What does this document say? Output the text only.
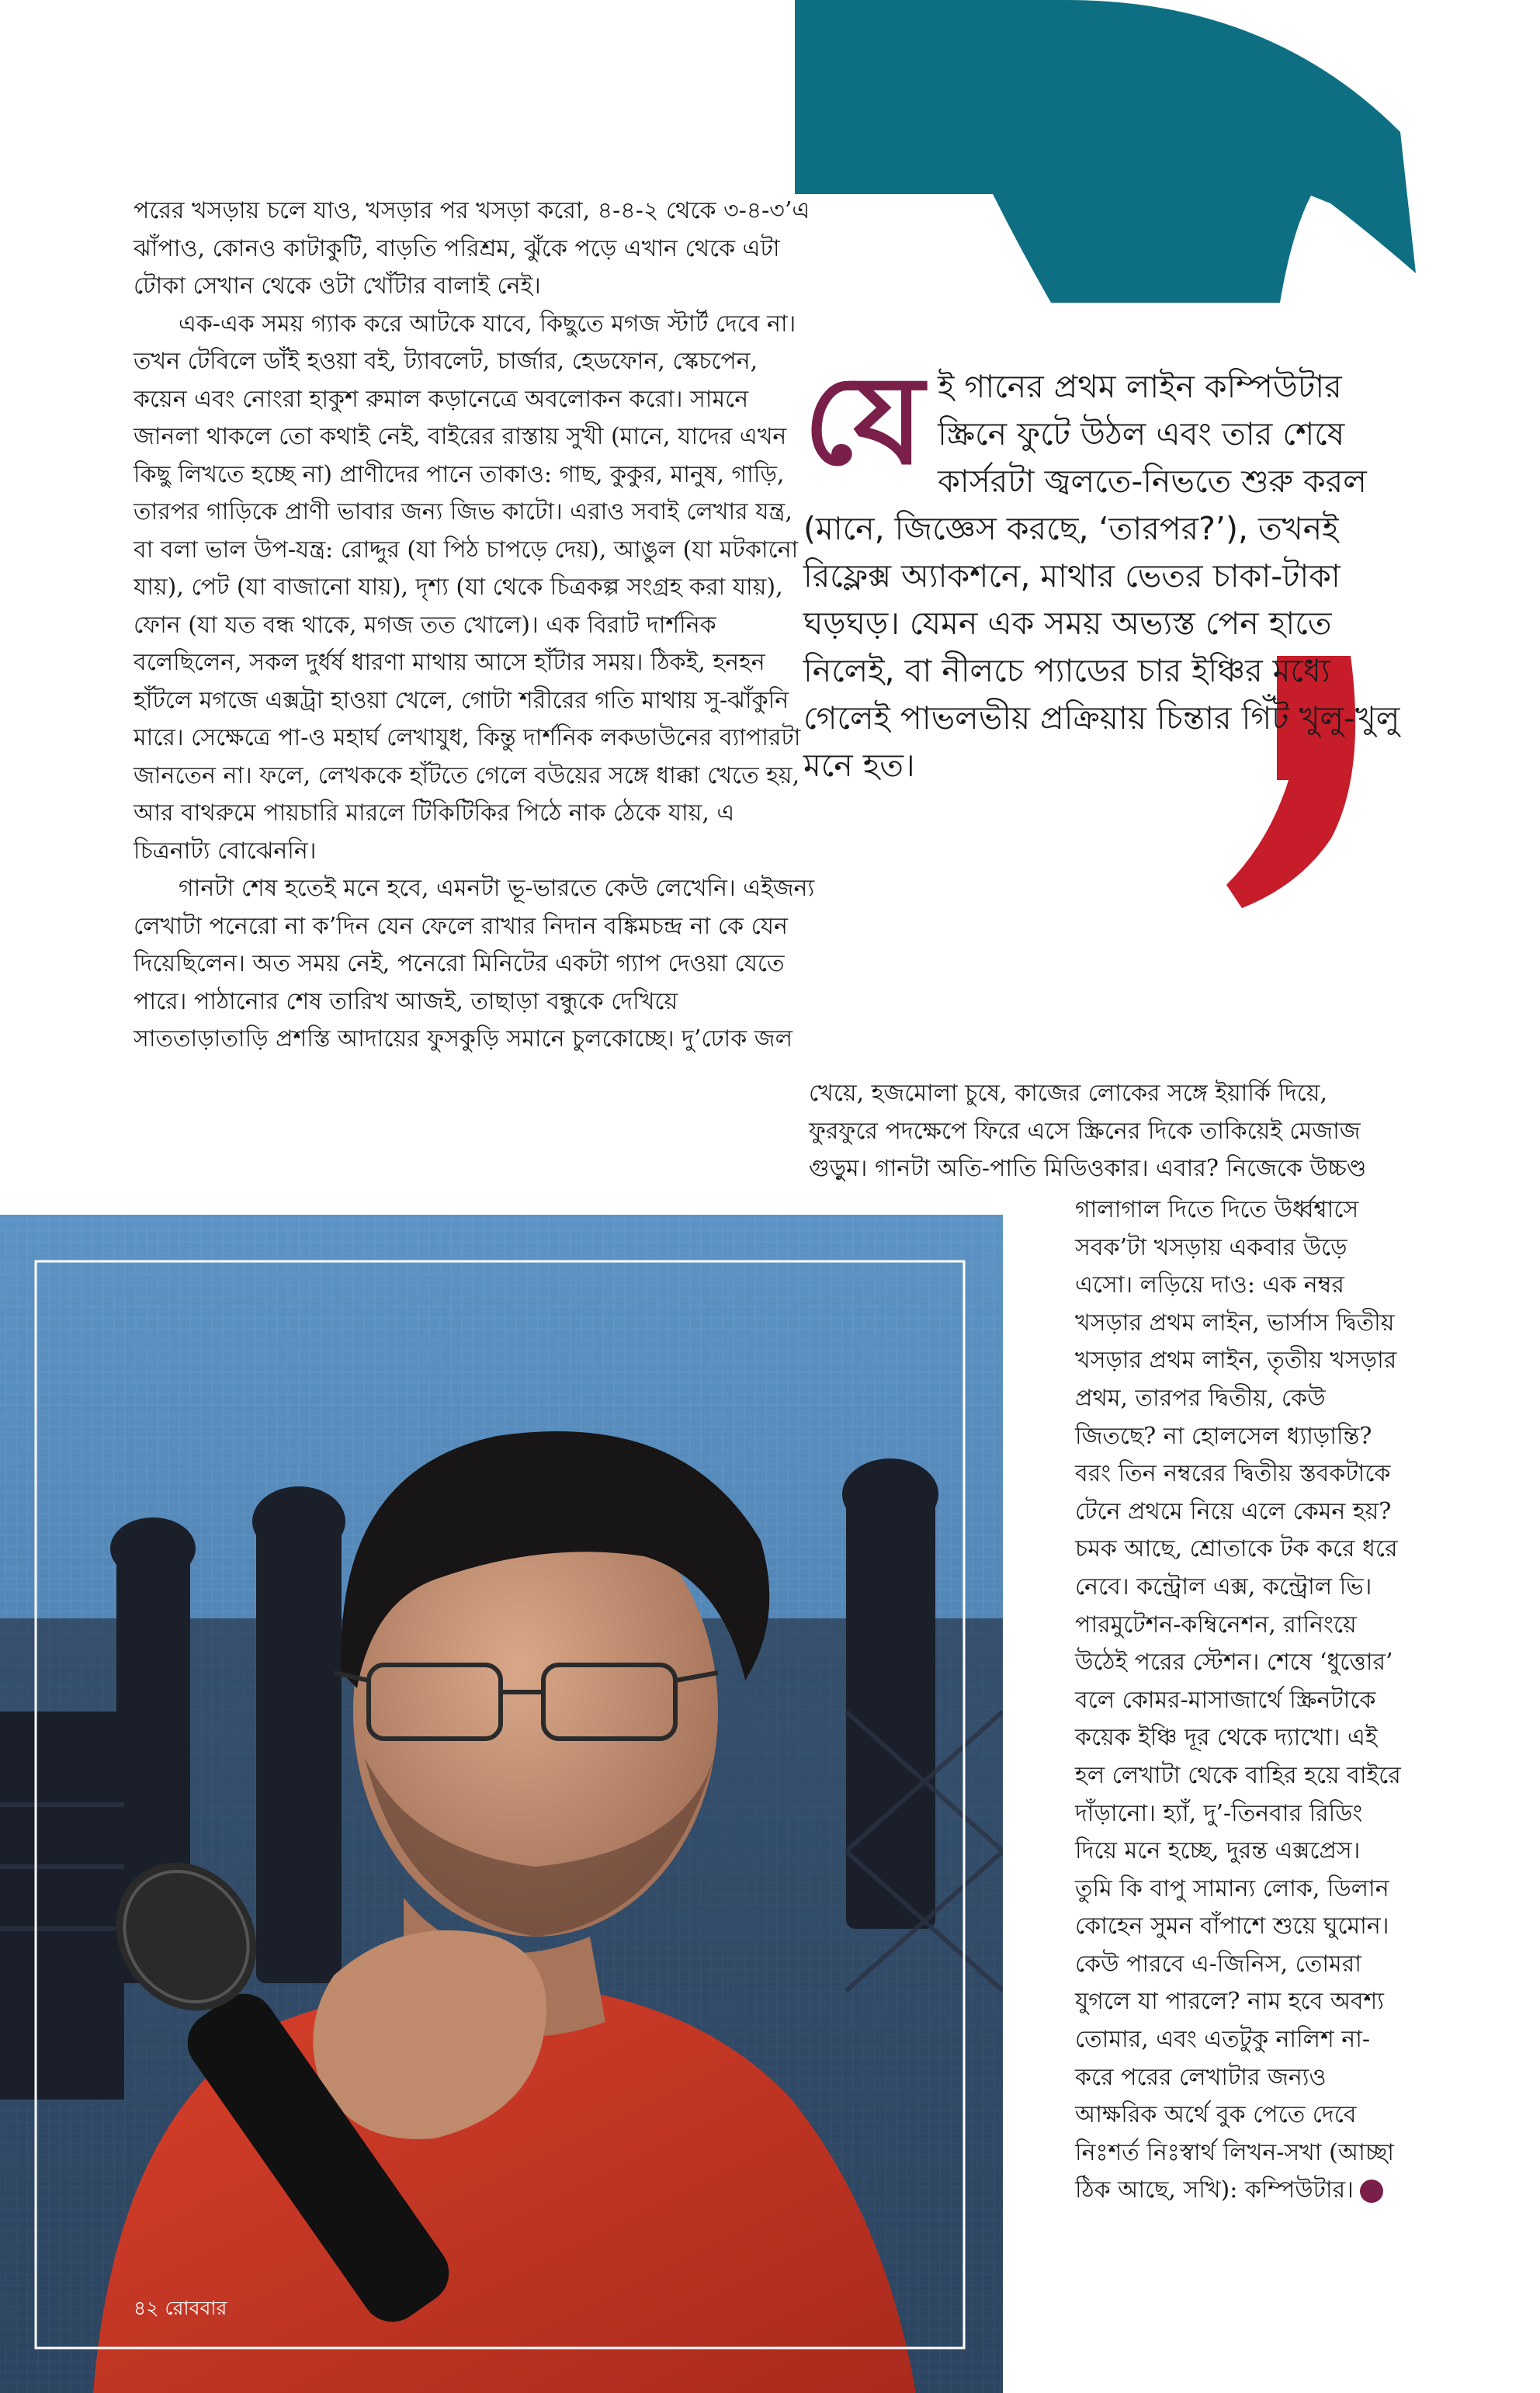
পরের খসড়ায় চলে যাও, খসড়ার পর খসড়া করো, ৪-৪-২ থেকে ৩-৪-৩’এ ঝাঁপাও, কোনও কাটাকুটি, বাড়তি পরিশ্রম, ঝুঁকে পড়ে এখান থেকে এটা টোকা সেখান থেকে ওটা খোঁটার বালাই নেই।

এক-এক সময় গ্যাক করে আটকে যাবে, কিছুতে মগজ স্টার্ট দেবে না। তখন টেবিলে ডাঁই হওয়া বই, ট্যাবলেট, চার্জার, হেডফোন, স্কেচপেন, কয়েন এবং নোংরা হাকুশ রুমাল কড়ানেত্রে অবলোকন করো। সামনে জানলা থাকলে তো কথাই নেই, বাইরের রাস্তায় সুখী (মানে, যাদের এখন কিছু লিখতে হচ্ছে না) প্রাণীদের পানে তাকাও: গাছ, কুকুর, মানুষ, গাড়ি, তারপর গাড়িকে প্রাণী ভাবার জন্য জিভ কাটো। এরাও সবাই লেখার যন্ত্র, বা বলা ভাল উপ-যন্ত্র: রোদ্দুর (যা পিঠ চাপড়ে দেয়), আঙুল (যা মটকানো যায়), পেট (যা বাজানো যায়), দৃশ্য (যা থেকে চিত্রকল্প সংগ্রহ করা যায়), ফোন (যা যত বন্ধ থাকে, মগজ তত খোলে)। এক বিরাট দার্শনিক বলেছিলেন, সকল দুর্ধর্ষ ধারণা মাথায় আসে হাঁটার সময়। ঠিকই, হনহন হাঁটলে মগজে এক্সট্রা হাওয়া খেলে, গোটা শরীরের গতি মাথায় সু-ঝাঁকুনি মারে। সেক্ষেত্রে পা-ও মহার্ঘ লেখাযুধ, কিন্তু দার্শনিক লকডাউনের ব্যাপারটা জানতেন না। ফলে, লেখককে হাঁটতে গেলে বউয়ের সঙ্গে ধাক্কা খেতে হয়, আর বাথরুমে পায়চারি মারলে টিকিটিকির পিঠে নাক ঠেকে যায়, এ চিত্রনাট্য বোঝেননি।

গানটা শেষ হতেই মনে হবে, এমনটা ভূ-ভারতে কেউ লেখেনি। এইজন্য লেখাটা পনেরো না ক’দিন যেন ফেলে রাখার নিদান বঙ্কিমচন্দ্র না কে যেন দিয়েছিলেন। অত সময় নেই, পনেরো মিনিটের একটা গ্যাপ দেওয়া যেতে পারে। পাঠানোর শেষ তারিখ আজই, তাছাড়া বন্ধুকে দেখিয়ে সাততাড়াতাড়ি প্রশস্তি আদায়ের ফুসকুড়ি সমানে চুলকোচ্ছে। দু’ঢোক জল

যে ই গানের প্রথম লাইন কম্পিউটার স্ক্রিনে ফুটে উঠল এবং তার শেষে কার্সরটা জ্বলতে-নিভতে শুরু করল (মানে, জিজ্ঞেস করছে, ‘তারপর?’), তখনই রিফ্লেক্স অ্যাকশনে, মাথার ভেতর চাকা-টাকা ঘড়ঘড়। যেমন এক সময় অভ্যস্ত পেন হাতে নিলেই, বা নীলচে প্যাডের চার ইঞ্চির মধ্যে গেলেই পাভলভীয় প্রক্রিয়ায় চিন্তার গিঁট খুলু-খুলু মনে হত।

খেয়ে, হজমোলা চুষে, কাজের লোকের সঙ্গে ইয়ার্কি দিয়ে, ফুরফুরে পদক্ষেপে ফিরে এসে স্ক্রিনের দিকে তাকিয়েই মেজাজ গুড়ুম। গানটা অতি-পাতি মিডিওকার। এবার? নিজেকে উচ্চণ্ড

গালাগাল দিতে দিতে উর্ধ্বশ্বাসে সবক’টা খসড়ায় একবার উড়ে এসো। লড়িয়ে দাও: এক নম্বর খসড়ার প্রথম লাইন, ভার্সাস দ্বিতীয় খসড়ার প্রথম লাইন, তৃতীয় খসড়ার প্রথম, তারপর দ্বিতীয়, কেউ জিতছে? না হোলসেল ধ্যাড়ান্তি? বরং তিন নম্বরের দ্বিতীয় স্তবকটাকে টেনে প্রথমে নিয়ে এলে কেমন হয়? চমক আছে, শ্রোতাকে টক করে ধরে নেবে। কন্ট্রোল এক্স, কন্ট্রোল ভি। পারমুটেশন-কম্বিনেশন, রানিংয়ে উঠেই পরের স্টেশন। শেষে ‘ধুত্তোর’ বলে কোমর-মাসাজার্থে স্ক্রিনটাকে কয়েক ইঞ্চি দূর থেকে দ্যাখো। এই হল লেখাটা থেকে বাহির হয়ে বাইরে দাঁড়ানো। হ্যাঁ, দু’-তিনবার রিডিং দিয়ে মনে হচ্ছে, দুরন্ত এক্সপ্রেস। তুমি কি বাপু সামান্য লোক, ডিলান কোহেন সুমন বাঁপাশে শুয়ে ঘুমোন। কেউ পারবে এ-জিনিস, তোমরা যুগলে যা পারলে? নাম হবে অবশ্য তোমার, এবং এতটুকু নালিশ না-করে পরের লেখাটার জন্যও আক্ষরিক অর্থে বুক পেতে দেবে নিঃশর্ত নিঃস্বার্থ লিখন-সখা (আচ্ছা ঠিক আছে, সখি): কম্পিউটার।

৪২ রোববার
